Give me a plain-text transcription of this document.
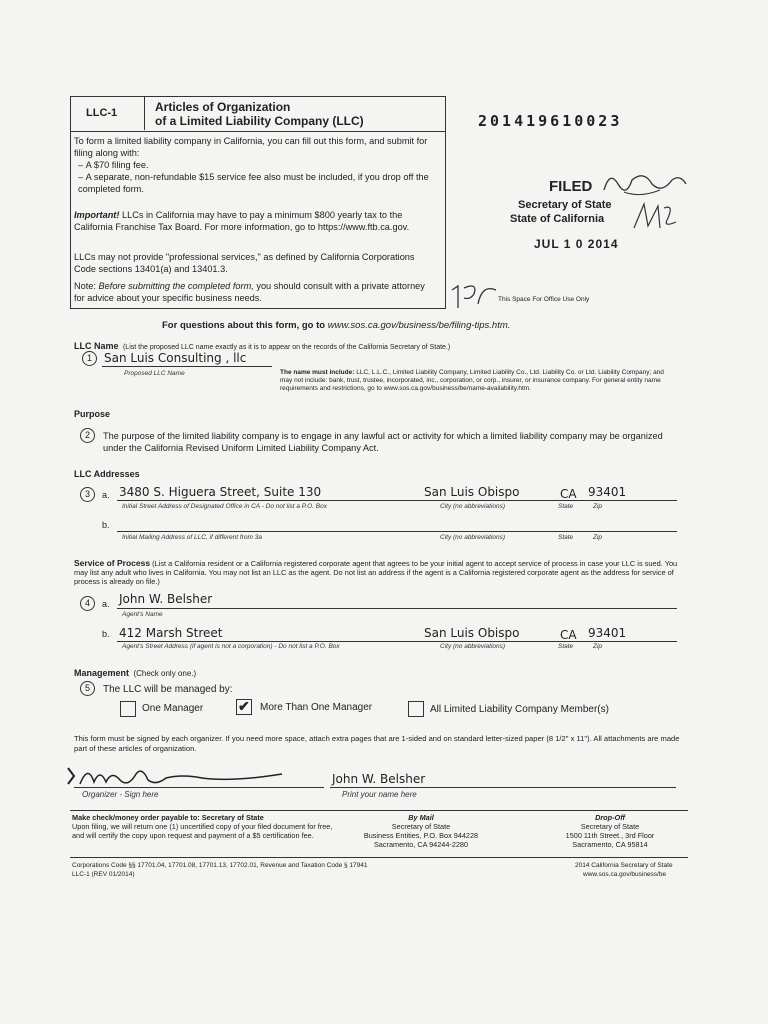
LLC-1	Articles of Organization
of a Limited Liability Company (LLC)	201419610023
To form a limited liability company in California, you can fill out this form, and submit for filing along with:
– A $70 filing fee.
– A separate, non-refundable $15 service fee also must be included, if you drop off the completed form.
Important! LLCs in California may have to pay a minimum $800 yearly tax to the California Franchise Tax Board. For more information, go to https://www.ftb.ca.gov.
LLCs may not provide "professional services," as defined by California Corporations Code sections 13401(a) and 13401.3.
Note: Before submitting the completed form, you should consult with a private attorney for advice about your specific business needs.
FILED
Secretary of State
State of California
JUL 1 0 2014
This Space For Office Use Only
For questions about this form, go to www.sos.ca.gov/business/be/filing-tips.htm.
LLC Name (List the proposed LLC name exactly as it is to appear on the records of the California Secretary of State.)
1	San Luis Consulting , llc
Proposed LLC Name	The name must include: LLC, L.L.C., Limited Liability Company, Limited Liability Co., Ltd. Liability Co. or Ltd. Liability Company; and may not include: bank, trust, trustee, incorporated, inc., corporation, or corp., insurer, or insurance company. For general entity name requirements and restrictions, go to www.sos.ca.gov/business/be/name-availability.htm.
Purpose
2	The purpose of the limited liability company is to engage in any lawful act or activity for which a limited liability company may be organized under the California Revised Uniform Limited Liability Company Act.
LLC Addresses
3	a. 3480 S. Higuera Street, Suite 130	San Luis Obispo	CA 93401
Initial Street Address of Designated Office in CA - Do not list a P.O. Box	City (no abbreviations)	State	Zip
b.
Initial Mailing Address of LLC, if different from 3a	City (no abbreviations)	State	Zip
Service of Process (List a California resident or a California registered corporate agent that agrees to be your initial agent to accept service of process in case your LLC is sued. You may list any adult who lives in California. You may not list an LLC as the agent. Do not list an address if the agent is a California registered corporate agent as the address for service of process is already on file.)
4	a. John W. Belsher
Agent's Name
b. 412 Marsh Street	San Luis Obispo	CA 93401
Agent's Street Address (if agent is not a corporation) - Do not list a P.O. Box	City (no abbreviations)	State	Zip
Management (Check only one.)
5	The LLC will be managed by:
One Manager ✔ More Than One Manager	All Limited Liability Company Member(s)
This form must be signed by each organizer. If you need more space, attach extra pages that are 1-sided and on standard letter-sized paper (8 1/2" x 11"). All attachments are made part of these articles of organization.
Organizer - Sign here
John W. Belsher
Print your name here
Make check/money order payable to: Secretary of State
Upon filing, we will return one (1) uncertified copy of your filed document for free, and will certify the copy upon request and payment of a $5 certification fee.
By Mail
Secretary of State
Business Entities, P.O. Box 944228
Sacramento, CA 94244-2280
Drop-Off
Secretary of State
1500 11th Street., 3rd Floor
Sacramento, CA 95814
Corporations Code §§ 17701.04, 17701.08, 17701.13, 17702.01, Revenue and Taxation Code § 17941
LLC-1 (REV 01/2014)
2014 California Secretary of State
www.sos.ca.gov/business/be
